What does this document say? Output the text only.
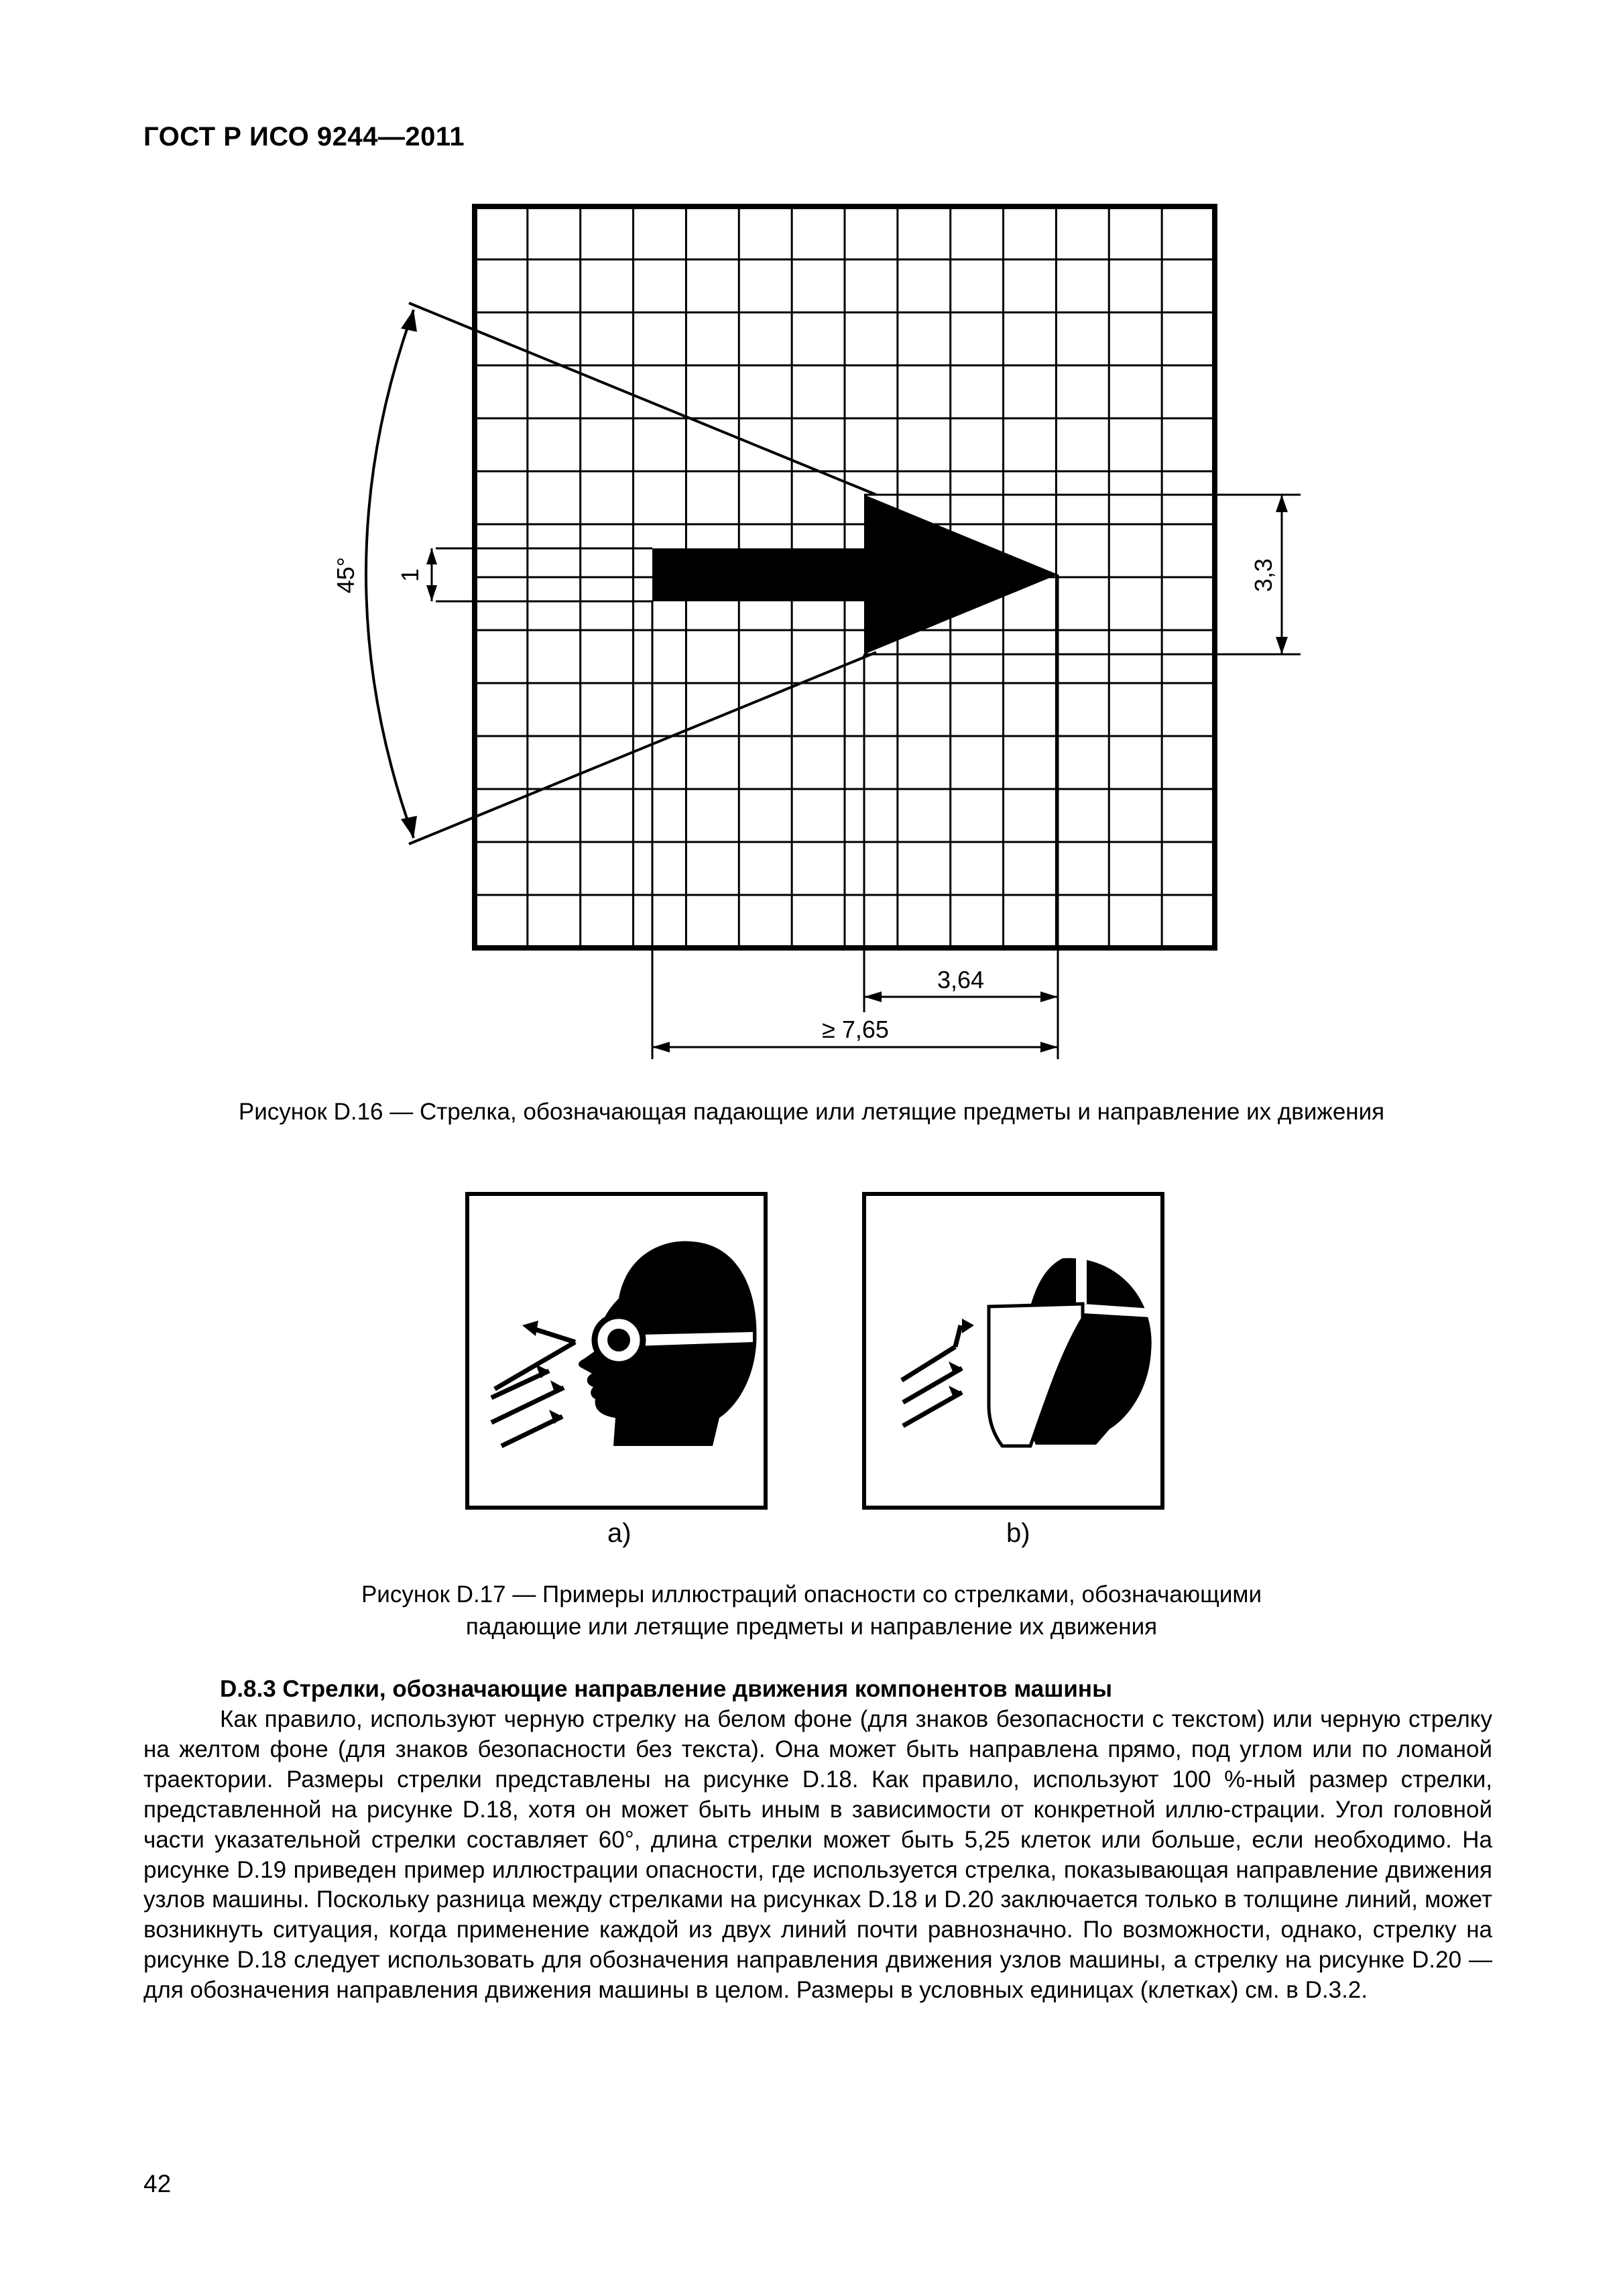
ГОСТ Р ИСО 9244—2011
45° 1	3,3
3,64
≥ 7,65
Рисунок D.16 — Стрелка, обозначающая падающие или летящие предметы и направление их движения
a)	b)
Рисунок D.17 — Примеры иллюстраций опасности со стрелками, обозначающими
падающие или летящие предметы и направление их движения
D.8.3 Стрелки, обозначающие направление движения компонентов машины

Как правило, используют черную стрелку на белом фоне (для знаков безопасности с текстом) или черную стрелку на желтом фоне (для знаков безопасности без текста). Она может быть направлена прямо, под углом или по ломаной траектории. Размеры стрелки представлены на рисунке D.18. Как правило, используют 100 %-ный размер стрелки, представленной на рисунке D.18, хотя он может быть иным в зависимости от конкретной иллю-страции. Угол головной части указательной стрелки составляет 60°, длина стрелки может быть 5,25 клеток или больше, если необходимо. На рисунке D.19 приведен пример иллюстрации опасности, где используется стрелка, показывающая направление движения узлов машины. Поскольку разница между стрелками на рисунках D.18 и D.20 заключается только в толщине линий, может возникнуть ситуация, когда применение каждой из двух линий почти равнозначно. По возможности, однако, стрелку на рисунке D.18 следует использовать для обозначения направления движения узлов машины, а стрелку на рисунке D.20 — для обозначения направления движения машины в целом. Размеры в условных единицах (клетках) см. в D.3.2.

42
